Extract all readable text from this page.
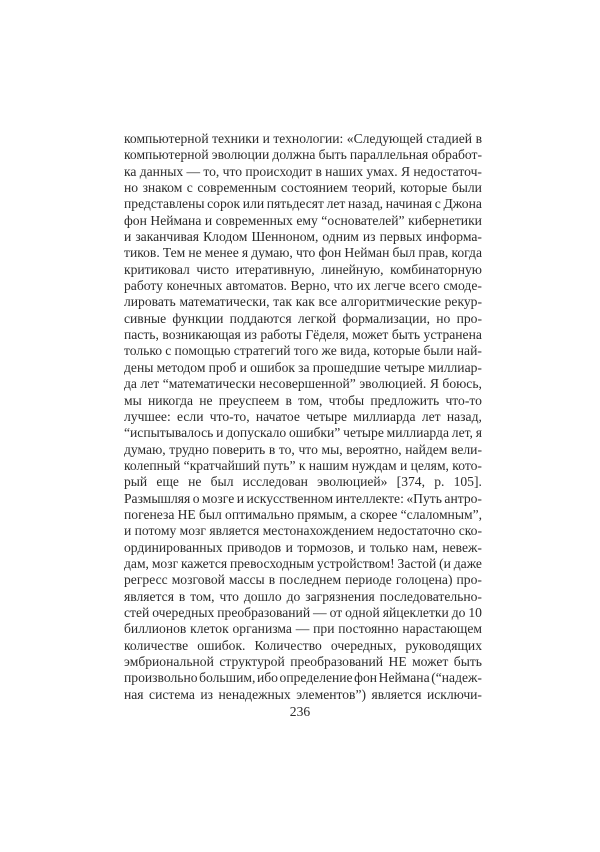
компьютерной техники и технологии: «Следующей стадией в
компьютерной эволюции должна быть параллельная обработ-
ка данных — то, что происходит в наших умах. Я недостаточ-
но знаком с современным состоянием теорий, которые были
представлены сорок или пятьдесят лет назад, начиная с Джона
фон Неймана и современных ему “основателей” кибернетики
и заканчивая Клодом Шенноном, одним из первых информа-
тиков. Тем не менее я думаю, что фон Нейман был прав, когда
критиковал чисто итеративную, линейную, комбинаторную
работу конечных автоматов. Верно, что их легче всего смоде-
лировать математически, так как все алгоритмические рекур-
сивные функции поддаются легкой формализации, но про-
пасть, возникающая из работы Гёделя, может быть устранена
только с помощью стратегий того же вида, которые были най-
дены методом проб и ошибок за прошедшие четыре миллиар-
да лет “математически несовершенной” эволюцией. Я боюсь,
мы никогда не преуспеем в том, чтобы предложить что-то
лучшее: если что-то, начатое четыре миллиарда лет назад,
“испытывалось и допускало ошибки” четыре миллиарда лет, я
думаю, трудно поверить в то, что мы, вероятно, найдем вели-
колепный “кратчайший путь” к нашим нуждам и целям, кото-
рый еще не был исследован эволюцией» [374, p. 105].
Размышляя о мозге и искусственном интеллекте: «Путь антро-
погенеза НЕ был оптимально прямым, а скорее “слаломным”,
и потому мозг является местонахождением недостаточно ско-
ординированных приводов и тормозов, и только нам, невеж-
дам, мозг кажется превосходным устройством! Застой (и даже
регресс мозговой массы в последнем периоде голоцена) про-
является в том, что дошло до загрязнения последовательно-
стей очередных преобразований — от одной яйцеклетки до 10
биллионов клеток организма — при постоянно нарастающем
количестве ошибок. Количество очередных, руководящих
эмбриональной структурой преобразований НЕ может быть
произвольно большим, ибо определение фон Неймана (“надеж-
ная система из ненадежных элементов”) является исключи-
236
